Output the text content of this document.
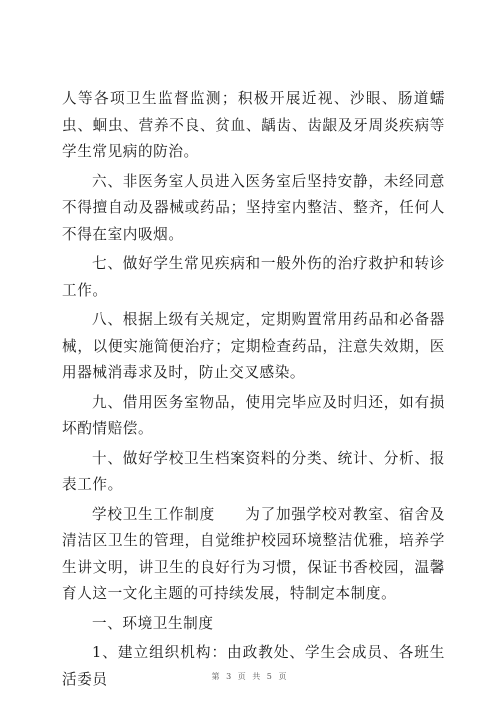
人等各项卫生监督监测；积极开展近视、沙眼、肠道蠕虫、蛔虫、营养不良、贫血、龋齿、齿龈及牙周炎疾病等学生常见病的防治。

六、非医务室人员进入医务室后坚持安静，未经同意不得擅自动及器械或药品；坚持室内整洁、整齐，任何人不得在室内吸烟。

七、做好学生常见疾病和一般外伤的治疗救护和转诊工作。

八、根据上级有关规定，定期购置常用药品和必备器械，以便实施简便治疗；定期检查药品，注意失效期，医用器械消毒求及时，防止交叉感染。

九、借用医务室物品，使用完毕应及时归还，如有损坏酌情赔偿。

十、做好学校卫生档案资料的分类、统计、分析、报表工作。

学校卫生工作制度 为了加强学校对教室、宿舍及清洁区卫生的管理，自觉维护校园环境整洁优雅，培养学生讲文明，讲卫生的良好行为习惯，保证书香校园，温馨育人这一文化主题的可持续发展，特制定本制度。

一、环境卫生制度

1、建立组织机构：由政教处、学生会成员、各班生活委员	第 3 页 共 5 页
